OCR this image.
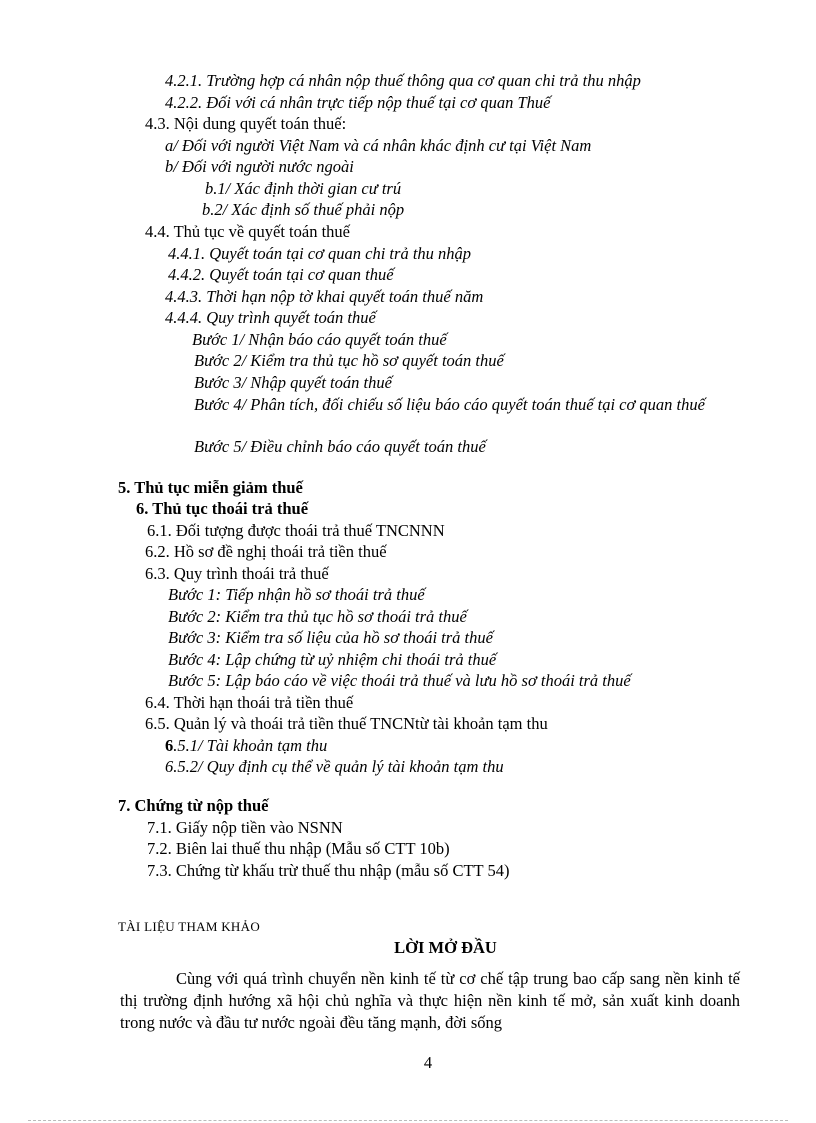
4.2.1. Trường hợp cá nhân nộp thuế thông qua cơ quan chi trả thu nhập
4.2.2. Đối với cá nhân trực tiếp nộp thuế tại cơ quan Thuế
4.3. Nội dung quyết toán thuế:
a/ Đối với người Việt Nam và cá nhân khác định cư tại Việt Nam
b/ Đối với người nước ngoài
b.1/ Xác định thời gian cư trú
b.2/ Xác định số thuế phải nộp
4.4. Thủ tục về quyết toán thuế
4.4.1. Quyết toán tại cơ quan chi trả thu nhập
4.4.2. Quyết toán tại cơ quan thuế
4.4.3. Thời hạn nộp tờ khai quyết toán thuế năm
4.4.4. Quy trình quyết toán thuế
Bước 1/ Nhận báo cáo quyết toán thuế
Bước 2/ Kiểm tra thủ tục hồ sơ quyết toán thuế
Bước 3/ Nhập quyết toán thuế
Bước 4/ Phân tích, đối chiếu số liệu báo cáo quyết toán thuế tại cơ quan thuế
Bước 5/ Điều chỉnh báo cáo quyết toán thuế
5. Thủ tục miễn giảm thuế
6. Thủ tục thoái trả thuế
6.1. Đối tượng được thoái trả thuế TNCNNN
6.2. Hồ sơ đề nghị thoái trả tiền thuế
6.3. Quy trình thoái trả thuế
Bước 1: Tiếp nhận hồ sơ thoái trả thuế
Bước 2: Kiểm tra thủ tục hồ sơ thoái trả thuế
Bước 3: Kiểm tra số liệu của hồ sơ thoái trả thuế
Bước 4: Lập chứng từ uỷ nhiệm chi thoái trả thuế
Bước 5: Lập báo cáo về việc thoái trả thuế và lưu hồ sơ thoái trả thuế
6.4. Thời hạn thoái trả tiền thuế
6.5. Quản lý và thoái trả tiền thuế TNCNtừ tài khoản tạm thu
6.5.1/ Tài khoản tạm thu
6.5.2/ Quy định cụ thể về quản lý tài khoản tạm thu
7. Chứng từ nộp thuế
7.1. Giấy nộp tiền vào NSNN
7.2. Biên lai thuế thu nhập (Mẫu số CTT 10b)
7.3. Chứng từ khấu trừ thuế thu nhập (mẫu số CTT 54)
TÀI LIỆU THAM KHẢO
LỜI MỞ ĐẦU
Cùng với quá trình chuyển nền kinh tế từ cơ chế tập trung bao cấp sang nền kinh tế thị trường định hướng xã hội chủ nghĩa và thực hiện nền kinh tế mở, sản xuất kinh doanh trong nước và đầu tư nước ngoài đều tăng mạnh, đời sống
4
